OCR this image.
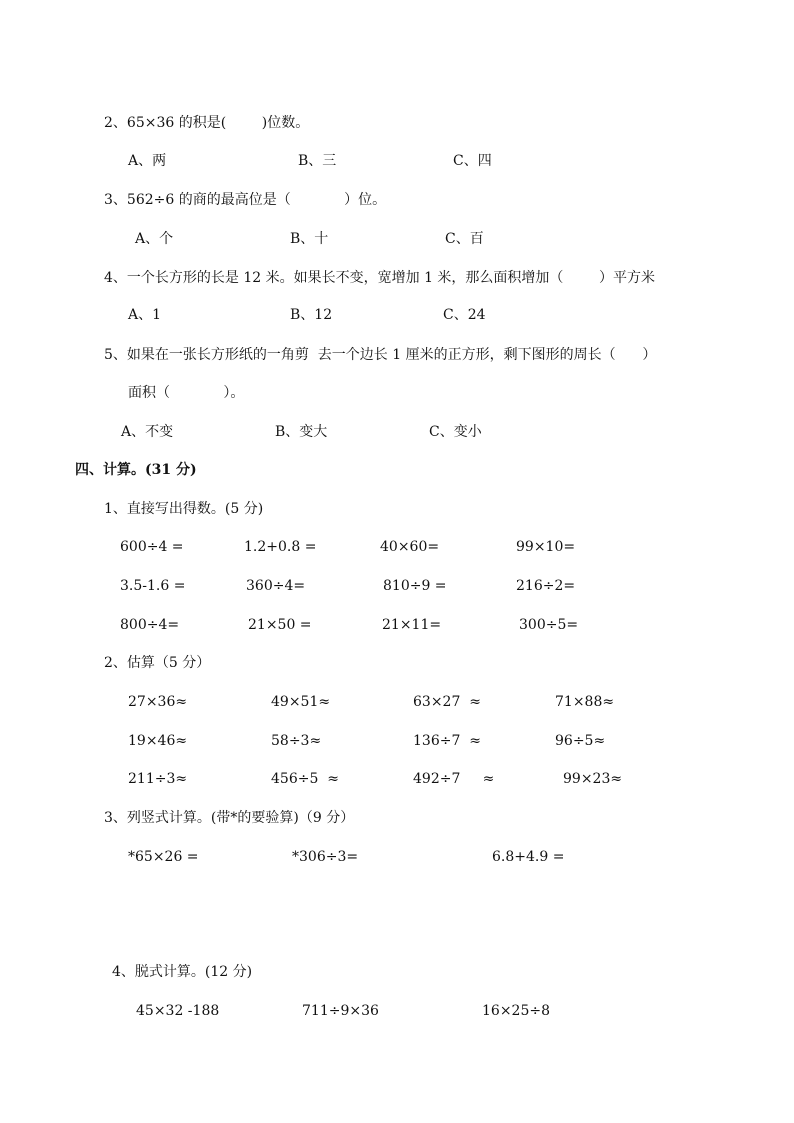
2、65×36 的积是(        )位数。
A、两	B、三	C、四
3、562÷6 的商的最高位是（            ）位。
A、个	B、十	C、百
4、一个长方形的长是 12 米。如果长不变，宽增加 1 米，那么面积增加（        ）平方米
A、1	B、12	C、24
5、如果在一张长方形纸的一角剪  去一个边长 1 厘米的正方形，剩下图形的周长（      ）
面积（            ）。
A、不变	B、变大	C、变小
四、计算。(31 分)
1、直接写出得数。(5 分)
600÷4 =	1.2+0.8 =	40×60=	99×10=
3.5-1.6 =	360÷4=	810÷9 =	216÷2=
800÷4=	21×50 =	21×11=	300÷5=
2、估算（5 分）
27×36≈	49×51≈	63×27  ≈	71×88≈
19×46≈	58÷3≈	136÷7  ≈	96÷5≈
211÷3≈	456÷5  ≈	492÷7     ≈	99×23≈
3、列竖式计算。(带*的要验算)（9 分）
*65×26 =	*306÷3=	6.8+4.9 =
4、脱式计算。(12 分)
45×32 -188	711÷9×36	16×25÷8
